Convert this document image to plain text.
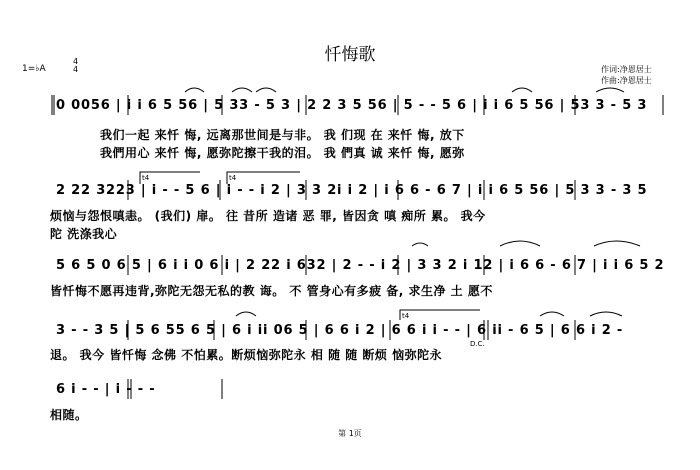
忏悔歌
1=♭A
4
4	作词:净恩居士
作曲:净恩居士
0 0056 | i i 6 5 56 | 5 33 - 5 3 | 2 2 3 5 56 | 5 - - 5 6 | i i 6 5 56 | 53 3 - 5 3
我们一起 来忏 悔, 远离那世间是与非。 我 们现 在 来忏 悔, 放下
我們用心 来忏 悔, 愿弥陀擦干我的泪。 我 們真 诚 来忏 悔, 愿弥
2 22 3223 | i - - 5 6 | i - - i 2 | 3 3 2i i 2 | i 6 6 - 6 7 | i i 6 5 56 | 5 3 3 - 3 5
烦恼与怨恨嗔恚。 (我们) 扉。 往 昔所 造诸 恶 罪, 皆因贪 嗔 痴所 累。 我今
陀 洗涤我心
5 6 5 0 6 5 | 6 i i 0 6 i | 2 22 i 632 | 2 - - i 2 | 3 3 2 i 12 | i 6 6 - 6 7 | i i 6 5 2
皆忏悔不愿再违背,弥陀无怨无私的教 诲。 不 管身心有多疲 备, 求生净 土 愿不
3 - - 3 5 | 5 6 55 6 5 | 6 i ii 06 5 | 6 6 i 2 | 6 6 i i - - | 6 ii - 6 5 | 6 6 i 2 -
退。 我今 皆忏悔 念佛 不怕累。断烦恼弥陀永 相 随 随 断烦 恼弥陀永
6 i - - | i - - -
相随。
t4	t4
t4
D.C.
第 1页
